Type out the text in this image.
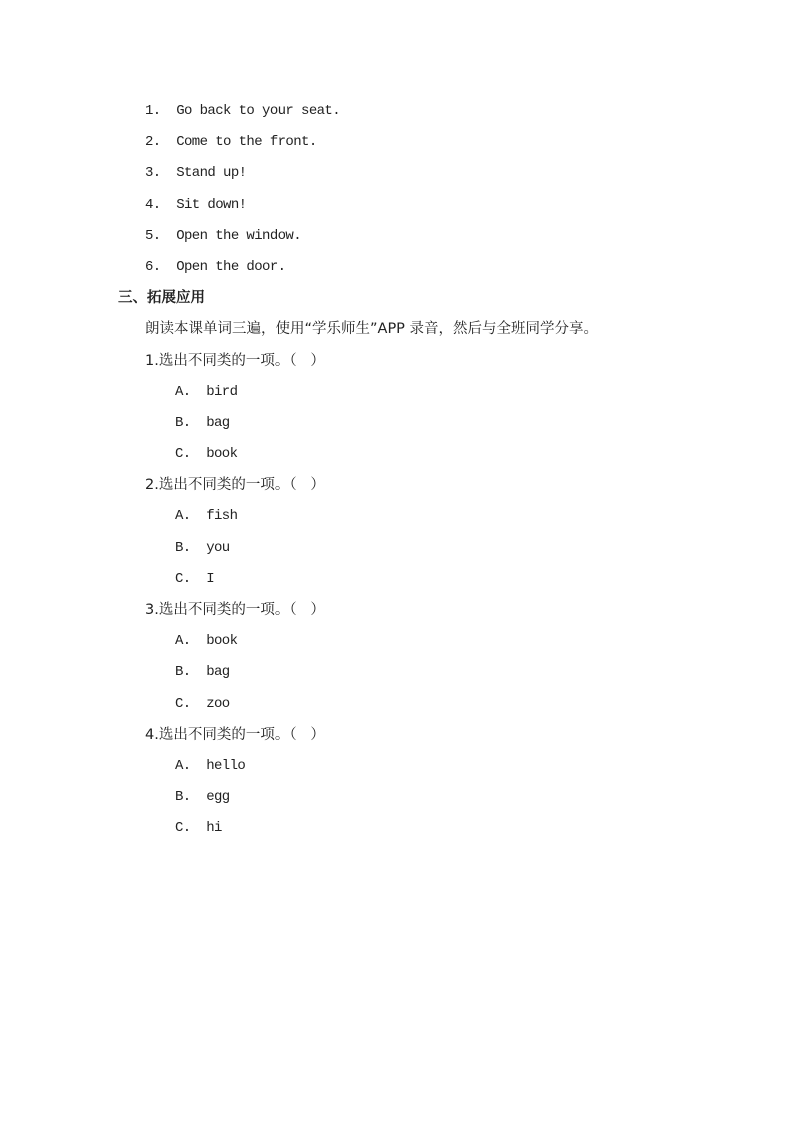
1.  Go back to your seat.
2.  Come to the front.
3.  Stand up!
4.  Sit down!
5.  Open the window.
6.  Open the door.
三、拓展应用
朗读本课单词三遍，使用“学乐师生”APP 录音，然后与全班同学分享。
1.选出不同类的一项。（   ）
A.  bird
B.  bag
C.  book
2.选出不同类的一项。（   ）
A.  fish
B.  you
C.  I
3.选出不同类的一项。（   ）
A.  book
B.  bag
C.  zoo
4.选出不同类的一项。（   ）
A.  hello
B.  egg
C.  hi
